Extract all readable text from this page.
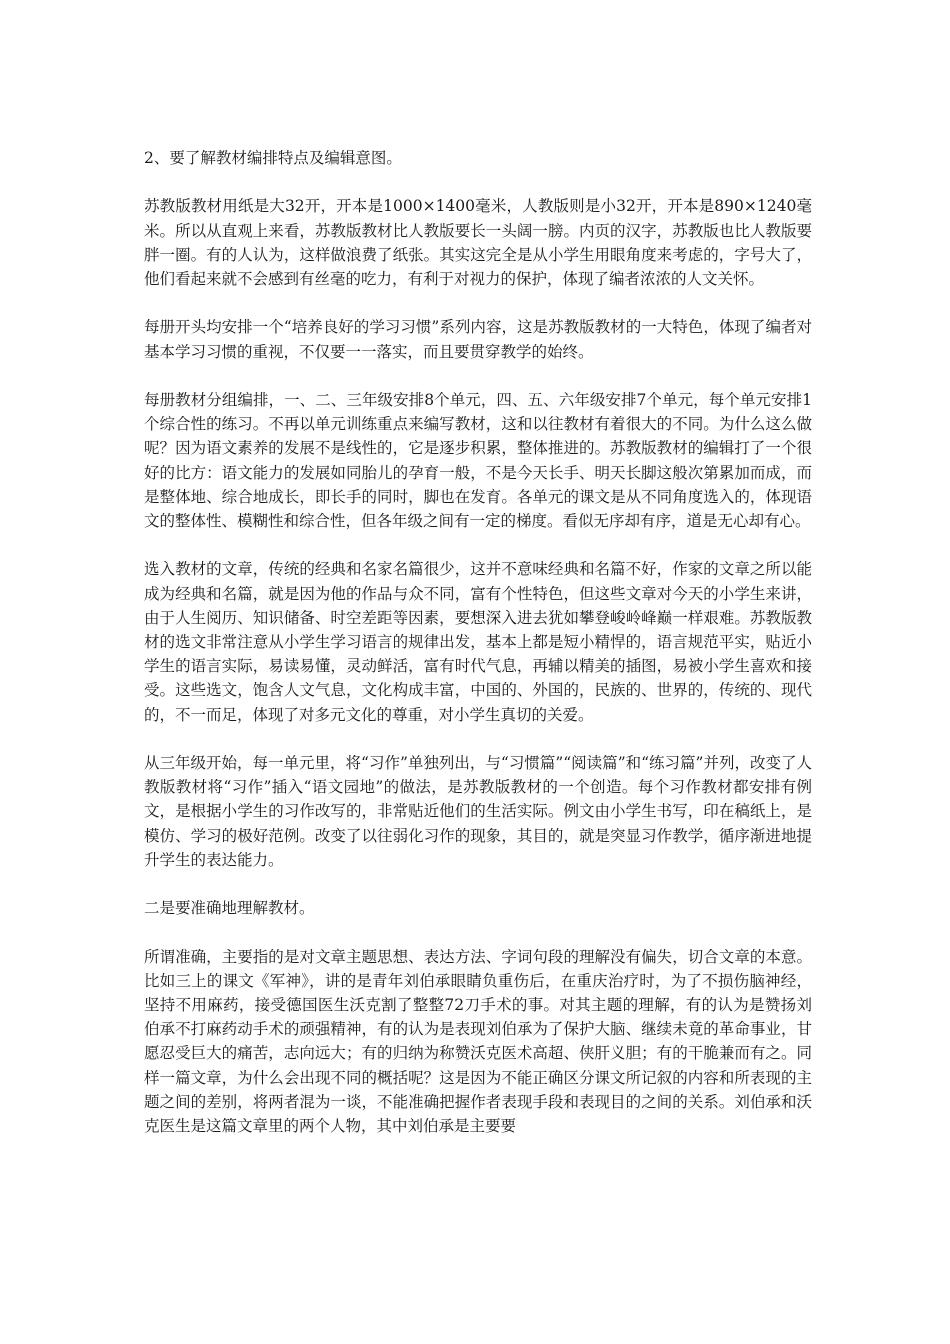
2、要了解教材编排特点及编辑意图。

苏教版教材用纸是大32开，开本是1000×1400毫米，人教版则是小32开，开本是890×1240毫米。所以从直观上来看，苏教版教材比人教版要长一头阔一膀。内页的汉字，苏教版也比人教版要胖一圈。有的人认为，这样做浪费了纸张。其实这完全是从小学生用眼角度来考虑的，字号大了，他们看起来就不会感到有丝毫的吃力，有利于对视力的保护，体现了编者浓浓的人文关怀。

每册开头均安排一个“培养良好的学习习惯”系列内容，这是苏教版教材的一大特色，体现了编者对基本学习习惯的重视，不仅要一一落实，而且要贯穿教学的始终。

每册教材分组编排，一、二、三年级安排8个单元，四、五、六年级安排7个单元，每个单元安排1个综合性的练习。不再以单元训练重点来编写教材，这和以往教材有着很大的不同。为什么这么做呢？因为语文素养的发展不是线性的，它是逐步积累，整体推进的。苏教版教材的编辑打了一个很好的比方：语文能力的发展如同胎儿的孕育一般，不是今天长手、明天长脚这般次第累加而成，而是整体地、综合地成长，即长手的同时，脚也在发育。各单元的课文是从不同角度选入的，体现语文的整体性、模糊性和综合性，但各年级之间有一定的梯度。看似无序却有序，道是无心却有心。

选入教材的文章，传统的经典和名家名篇很少，这并不意味经典和名篇不好，作家的文章之所以能成为经典和名篇，就是因为他的作品与众不同，富有个性特色，但这些文章对今天的小学生来讲，由于人生阅历、知识储备、时空差距等因素，要想深入进去犹如攀登峻岭峰巅一样艰难。苏教版教材的选文非常注意从小学生学习语言的规律出发，基本上都是短小精悍的，语言规范平实，贴近小学生的语言实际，易读易懂，灵动鲜活，富有时代气息，再辅以精美的插图，易被小学生喜欢和接受。这些选文，饱含人文气息，文化构成丰富，中国的、外国的，民族的、世界的，传统的、现代的，不一而足，体现了对多元文化的尊重，对小学生真切的关爱。

从三年级开始，每一单元里，将“习作”单独列出，与“习惯篇”“阅读篇”和“练习篇”并列，改变了人教版教材将“习作”插入“语文园地”的做法，是苏教版教材的一个创造。每个习作教材都安排有例文，是根据小学生的习作改写的，非常贴近他们的生活实际。例文由小学生书写，印在稿纸上，是模仿、学习的极好范例。改变了以往弱化习作的现象，其目的，就是突显习作教学，循序渐进地提升学生的表达能力。

二是要准确地理解教材。

所谓准确，主要指的是对文章主题思想、表达方法、字词句段的理解没有偏失，切合文章的本意。比如三上的课文《军神》，讲的是青年刘伯承眼睛负重伤后，在重庆治疗时，为了不损伤脑神经，坚持不用麻药，接受德国医生沃克割了整整72刀手术的事。对其主题的理解，有的认为是赞扬刘伯承不打麻药动手术的顽强精神，有的认为是表现刘伯承为了保护大脑、继续未竟的革命事业，甘愿忍受巨大的痛苦，志向远大；有的归纳为称赞沃克医术高超、侠肝义胆；有的干脆兼而有之。同样一篇文章，为什么会出现不同的概括呢？这是因为不能正确区分课文所记叙的内容和所表现的主题之间的差别，将两者混为一谈，不能准确把握作者表现手段和表现目的之间的关系。刘伯承和沃克医生是这篇文章里的两个人物，其中刘伯承是主要要
